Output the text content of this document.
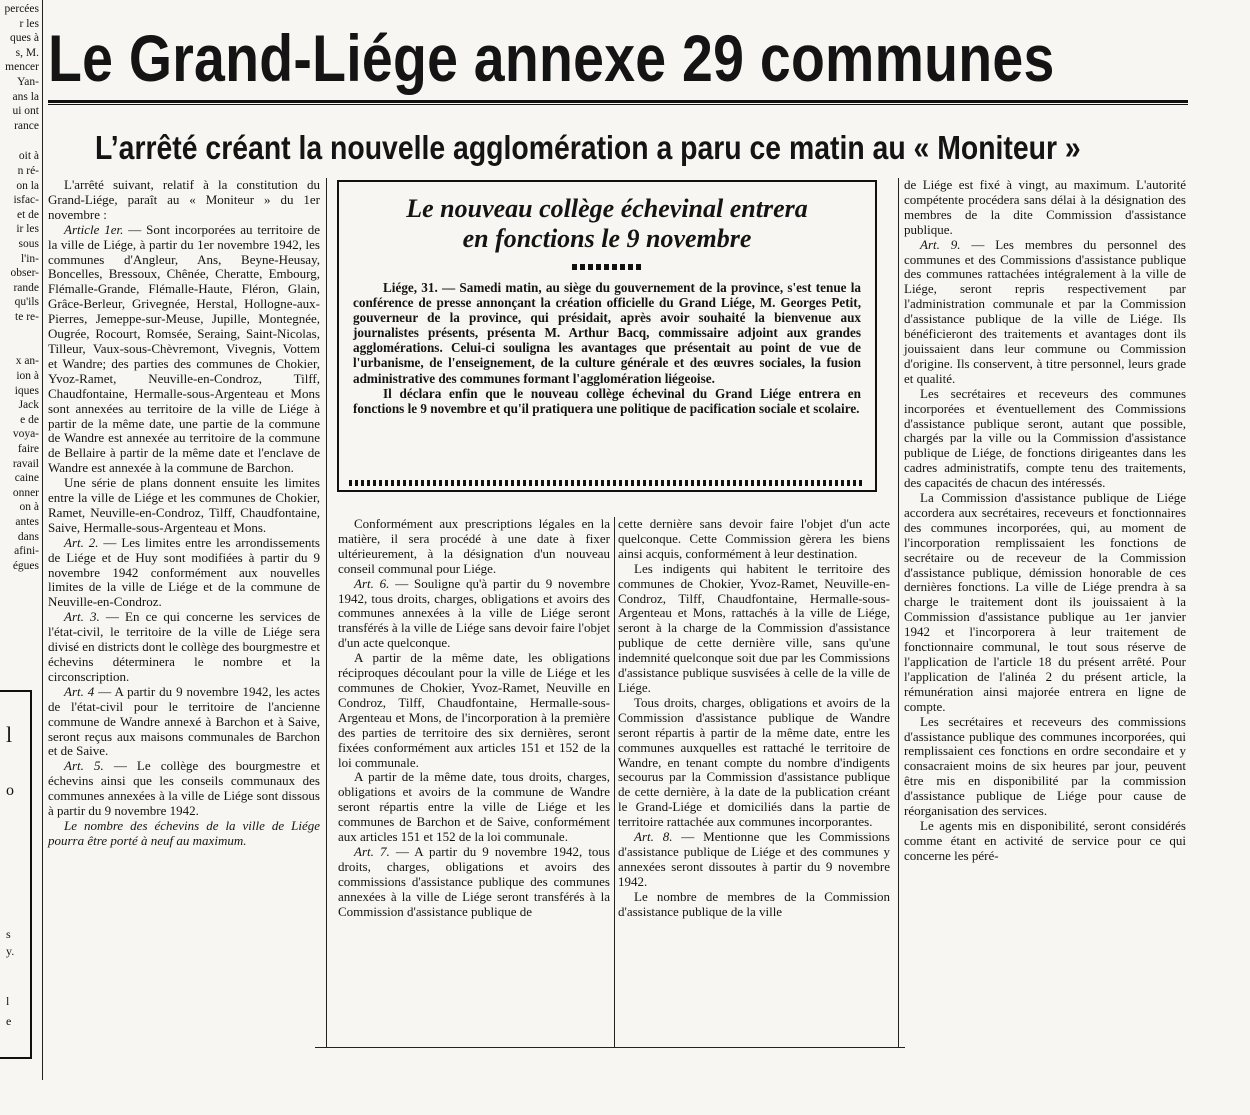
percées

r les

ques à

s, M.

mencer

Yan-

ans la

ui ont

rance

oit à

n ré-

on la

isfac-

et de

ir les

sous

l'in-

obser-

rande

qu'ils

te re-

x an-

ion à

iques

Jack

e de

voya-

faire

ravail

caine

onner

on à

antes

dans

afini-

égues

l
o
s
y.
l
e
Le Grand-Liége annexe 29 communes
L’arrêté créant la nouvelle agglomération a paru ce matin au « Moniteur »

L'arrêté suivant, relatif à la constitution du Grand-Liége, paraît au « Moniteur » du 1er novembre :

Article 1er. — Sont incorporées au territoire de la ville de Liége, à partir du 1er novembre 1942, les communes d'Angleur, Ans, Beyne-Heusay, Boncelles, Bressoux, Chênée, Cheratte, Embourg, Flémalle-Grande, Flémalle-Haute, Fléron, Glain, Grâce-Berleur, Grivegnée, Herstal, Hollogne-aux-Pierres, Jemeppe-sur-Meuse, Jupille, Montegnée, Ougrée, Rocourt, Romsée, Seraing, Saint-Nicolas, Tilleur, Vaux-sous-Chèvremont, Vivegnis, Vottem et Wandre; des parties des communes de Chokier, Yvoz-Ramet, Neuville-en-Condroz, Tilff, Chaudfontaine, Hermalle-sous-Argenteau et Mons sont annexées au territoire de la ville de Liége à partir de la même date, une partie de la commune de Wandre est annexée au territoire de la commune de Bellaire à partir de la même date et l'enclave de Wandre est annexée à la commune de Barchon.

Une série de plans donnent ensuite les limites entre la ville de Liége et les communes de Chokier, Ramet, Neuville-en-Condroz, Tilff, Chaudfontaine, Saive, Hermalle-sous-Argenteau et Mons.

Art. 2. — Les limites entre les arrondissements de Liége et de Huy sont modifiées à partir du 9 novembre 1942 conformément aux nouvelles limites de la ville de Liége et de la commune de Neuville-en-Condroz.

Art. 3. — En ce qui concerne les services de l'état-civil, le territoire de la ville de Liége sera divisé en districts dont le collège des bourgmestre et échevins déterminera le nombre et la circonscription.

Art. 4 — A partir du 9 novembre 1942, les actes de l'état-civil pour le territoire de l'ancienne commune de Wandre annexé à Barchon et à Saive, seront reçus aux maisons communales de Barchon et de Saive.

Art. 5. — Le collège des bourgmestre et échevins ainsi que les conseils communaux des communes annexées à la ville de Liége sont dissous à partir du 9 novembre 1942.

Le nombre des échevins de la ville de Liége pourra être porté à neuf au maximum.

Le nouveau collège échevinal entrera
en fonctions le 9 novembre

Liége, 31. — Samedi matin, au siège du gouvernement de la province, s'est tenue la conférence de presse annonçant la création officielle du Grand Liége, M. Georges Petit, gouverneur de la province, qui présidait, après avoir souhaité la bienvenue aux journalistes présents, présenta M. Arthur Bacq, commissaire adjoint aux grandes agglomérations. Celui-ci souligna les avantages que présentait au point de vue de l'urbanisme, de l'enseignement, de la culture générale et des œuvres sociales, la fusion administrative des communes formant l'agglomération liégeoise.

Il déclara enfin que le nouveau collège échevinal du Grand Liége entrera en fonctions le 9 novembre et qu'il pratiquera une politique de pacification sociale et scolaire.

Conformément aux prescriptions légales en la matière, il sera procédé à une date à fixer ultérieurement, à la désignation d'un nouveau conseil communal pour Liége.

Art. 6. — Souligne qu'à partir du 9 novembre 1942, tous droits, charges, obligations et avoirs des communes annexées à la ville de Liége seront transférés à la ville de Liége sans devoir faire l'objet d'un acte quelconque.

A partir de la même date, les obligations réciproques découlant pour la ville de Liége et les communes de Chokier, Yvoz-Ramet, Neuville en Condroz, Tilff, Chaudfontaine, Hermalle-sous-Argenteau et Mons, de l'incorporation à la première des parties de territoire des six dernières, seront fixées conformément aux articles 151 et 152 de la loi communale.

A partir de la même date, tous droits, charges, obligations et avoirs de la commune de Wandre seront répartis entre la ville de Liége et les communes de Barchon et de Saive, conformément aux articles 151 et 152 de la loi communale.

Art. 7. — A partir du 9 novembre 1942, tous droits, charges, obligations et avoirs des commissions d'assistance publique des communes annexées à la ville de Liége seront transférés à la Commission d'assistance publique de

cette dernière sans devoir faire l'objet d'un acte quelconque. Cette Commission gèrera les biens ainsi acquis, conformément à leur destination.

Les indigents qui habitent le territoire des communes de Chokier, Yvoz-Ramet, Neuville-en-Condroz, Tilff, Chaudfontaine, Hermalle-sous-Argenteau et Mons, rattachés à la ville de Liége, seront à la charge de la Commission d'assistance publique de cette dernière ville, sans qu'une indemnité quelconque soit due par les Commissions d'assistance publique susvisées à celle de la ville de Liége.

Tous droits, charges, obligations et avoirs de la Commission d'assistance publique de Wandre seront répartis à partir de la même date, entre les communes auxquelles est rattaché le territoire de Wandre, en tenant compte du nombre d'indigents secourus par la Commission d'assistance publique de cette dernière, à la date de la publication créant le Grand-Liége et domiciliés dans la partie de territoire rattachée aux communes incorporantes.

Art. 8. — Mentionne que les Commissions d'assistance publique de Liége et des communes y annexées seront dissoutes à partir du 9 novembre 1942.

Le nombre de membres de la Commission d'assistance publique de la ville

de Liége est fixé à vingt, au maximum. L'autorité compétente procédera sans délai à la désignation des membres de la dite Commission d'assistance publique.

Art. 9. — Les membres du personnel des communes et des Commissions d'assistance publique des communes rattachées intégralement à la ville de Liége, seront repris respectivement par l'administration communale et par la Commission d'assistance publique de la ville de Liége. Ils bénéficieront des traitements et avantages dont ils jouissaient dans leur commune ou Commission d'origine. Ils conservent, à titre personnel, leurs grade et qualité.

Les secrétaires et receveurs des communes incorporées et éventuellement des Commissions d'assistance publique seront, autant que possible, chargés par la ville ou la Commission d'assistance publique de Liége, de fonctions dirigeantes dans les cadres administratifs, compte tenu des traitements, des capacités de chacun des intéressés.

La Commission d'assistance publique de Liége accordera aux secrétaires, receveurs et fonctionnaires des communes incorporées, qui, au moment de l'incorporation remplissaient les fonctions de secrétaire ou de receveur de la Commission d'assistance publique, démission honorable de ces dernières fonctions. La ville de Liége prendra à sa charge le traitement dont ils jouissaient à la Commission d'assistance publique au 1er janvier 1942 et l'incorporera à leur traitement de fonctionnaire communal, le tout sous réserve de l'application de l'article 18 du présent arrêté. Pour l'application de l'alinéa 2 du présent article, la rémunération ainsi majorée entrera en ligne de compte.

Les secrétaires et receveurs des commissions d'assistance publique des communes incorporées, qui remplissaient ces fonctions en ordre secondaire et y consacraient moins de six heures par jour, peuvent être mis en disponibilité par la commission d'assistance publique de Liége pour cause de réorganisation des services.

Le agents mis en disponibilité, seront considérés comme étant en activité de service pour ce qui concerne les péré-
